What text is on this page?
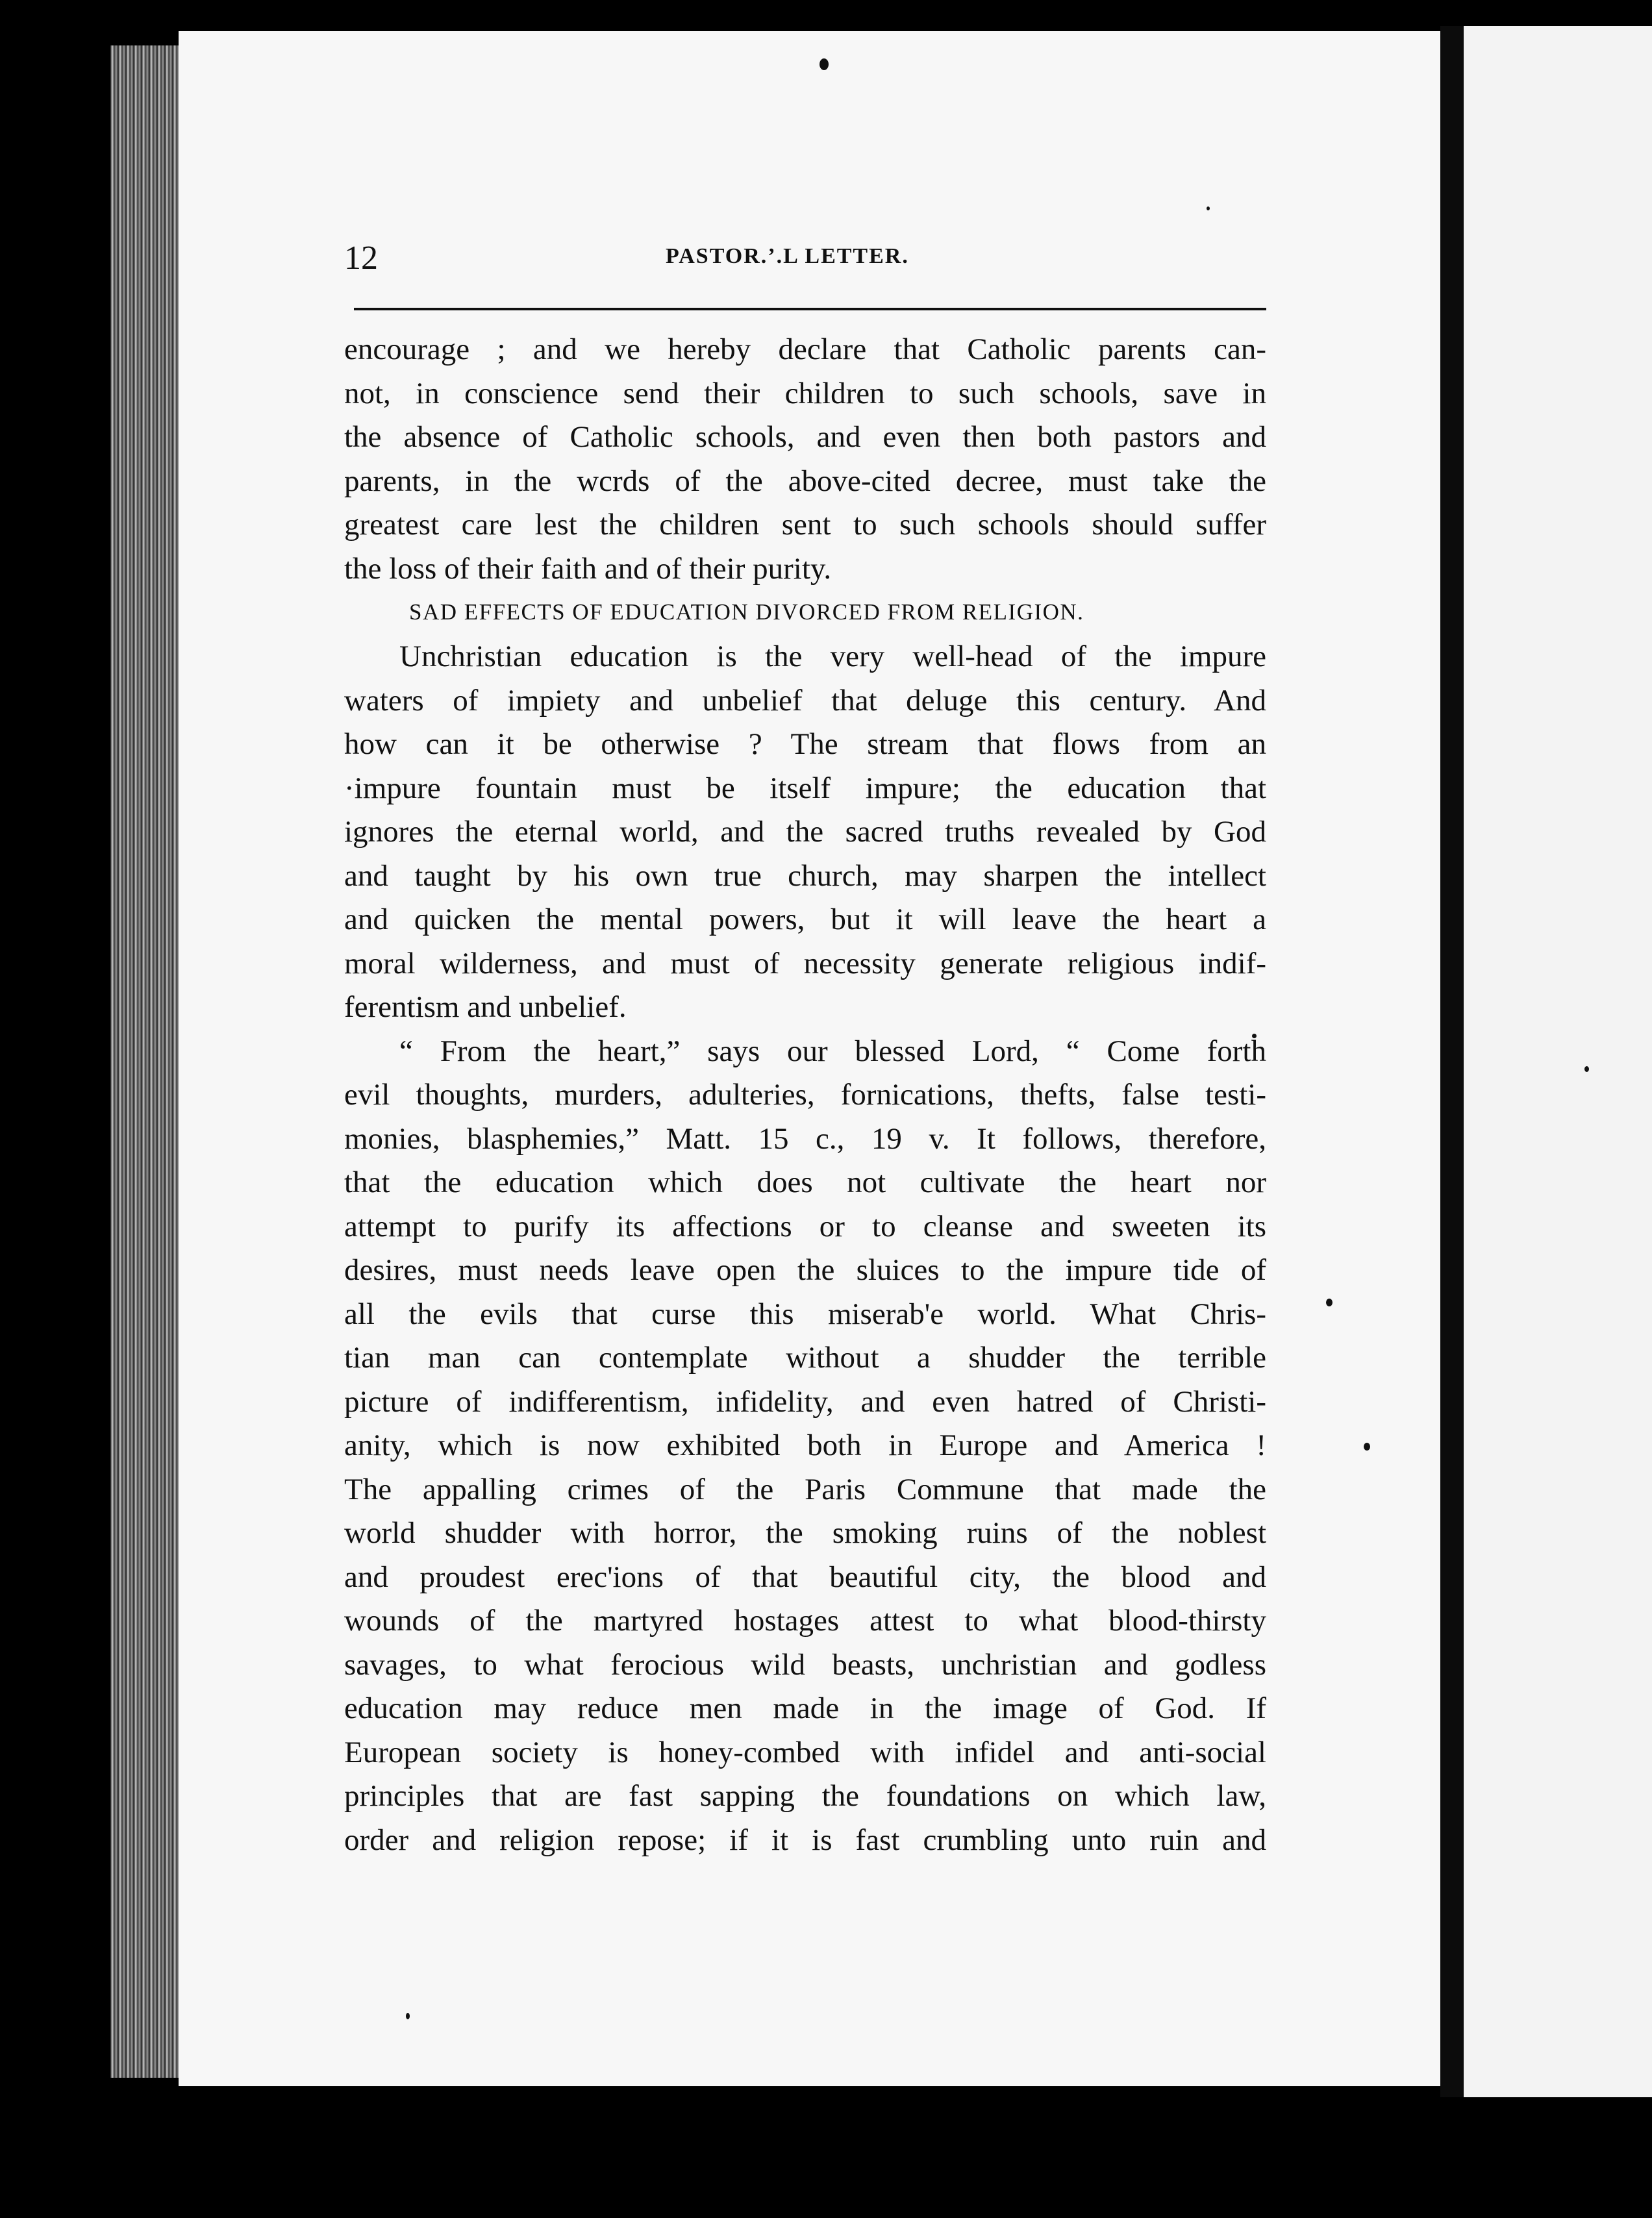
12	PASTOR.’.L LETTER.
encourage ; and we hereby declare that Catholic parents can-
not, in conscience send their children to such schools, save in
the absence of Catholic schools, and even then both pastors and
parents, in the wcrds of the above-cited decree, must take the
greatest care lest the children sent to such schools should suffer
the loss of their faith and of their purity.
SAD EFFECTS OF EDUCATION DIVORCED FROM RELIGION.
Unchristian education is the very well-head of the impure
waters of impiety and unbelief that deluge this century. And
how can it be otherwise ? The stream that flows from an
·impure fountain must be itself impure; the education that
ignores the eternal world, and the sacred truths revealed by God
and taught by his own true church, may sharpen the intellect
and quicken the mental powers, but it will leave the heart a
moral wilderness, and must of necessity generate religious indif-
ferentism and unbelief.
“ From the heart,” says our blessed Lord, “ Come forth
evil thoughts, murders, adulteries, fornications, thefts, false testi-
monies, blasphemies,” Matt. 15 c., 19 v. It follows, therefore,
that the education which does not cultivate the heart nor
attempt to purify its affections or to cleanse and sweeten its
desires, must needs leave open the sluices to the impure tide of
all the evils that curse this miserab'e world. What Chris-
tian man can contemplate without a shudder the terrible
picture of indifferentism, infidelity, and even hatred of Christi-
anity, which is now exhibited both in Europe and America !
The appalling crimes of the Paris Commune that made the
world shudder with horror, the smoking ruins of the noblest
and proudest erec'ions of that beautiful city, the blood and
wounds of the martyred hostages attest to what blood-thirsty
savages, to what ferocious wild beasts, unchristian and godless
education may reduce men made in the image of God. If
European society is honey-combed with infidel and anti-social
principles that are fast sapping the foundations on which law,
order and religion repose; if it is fast crumbling unto ruin and
